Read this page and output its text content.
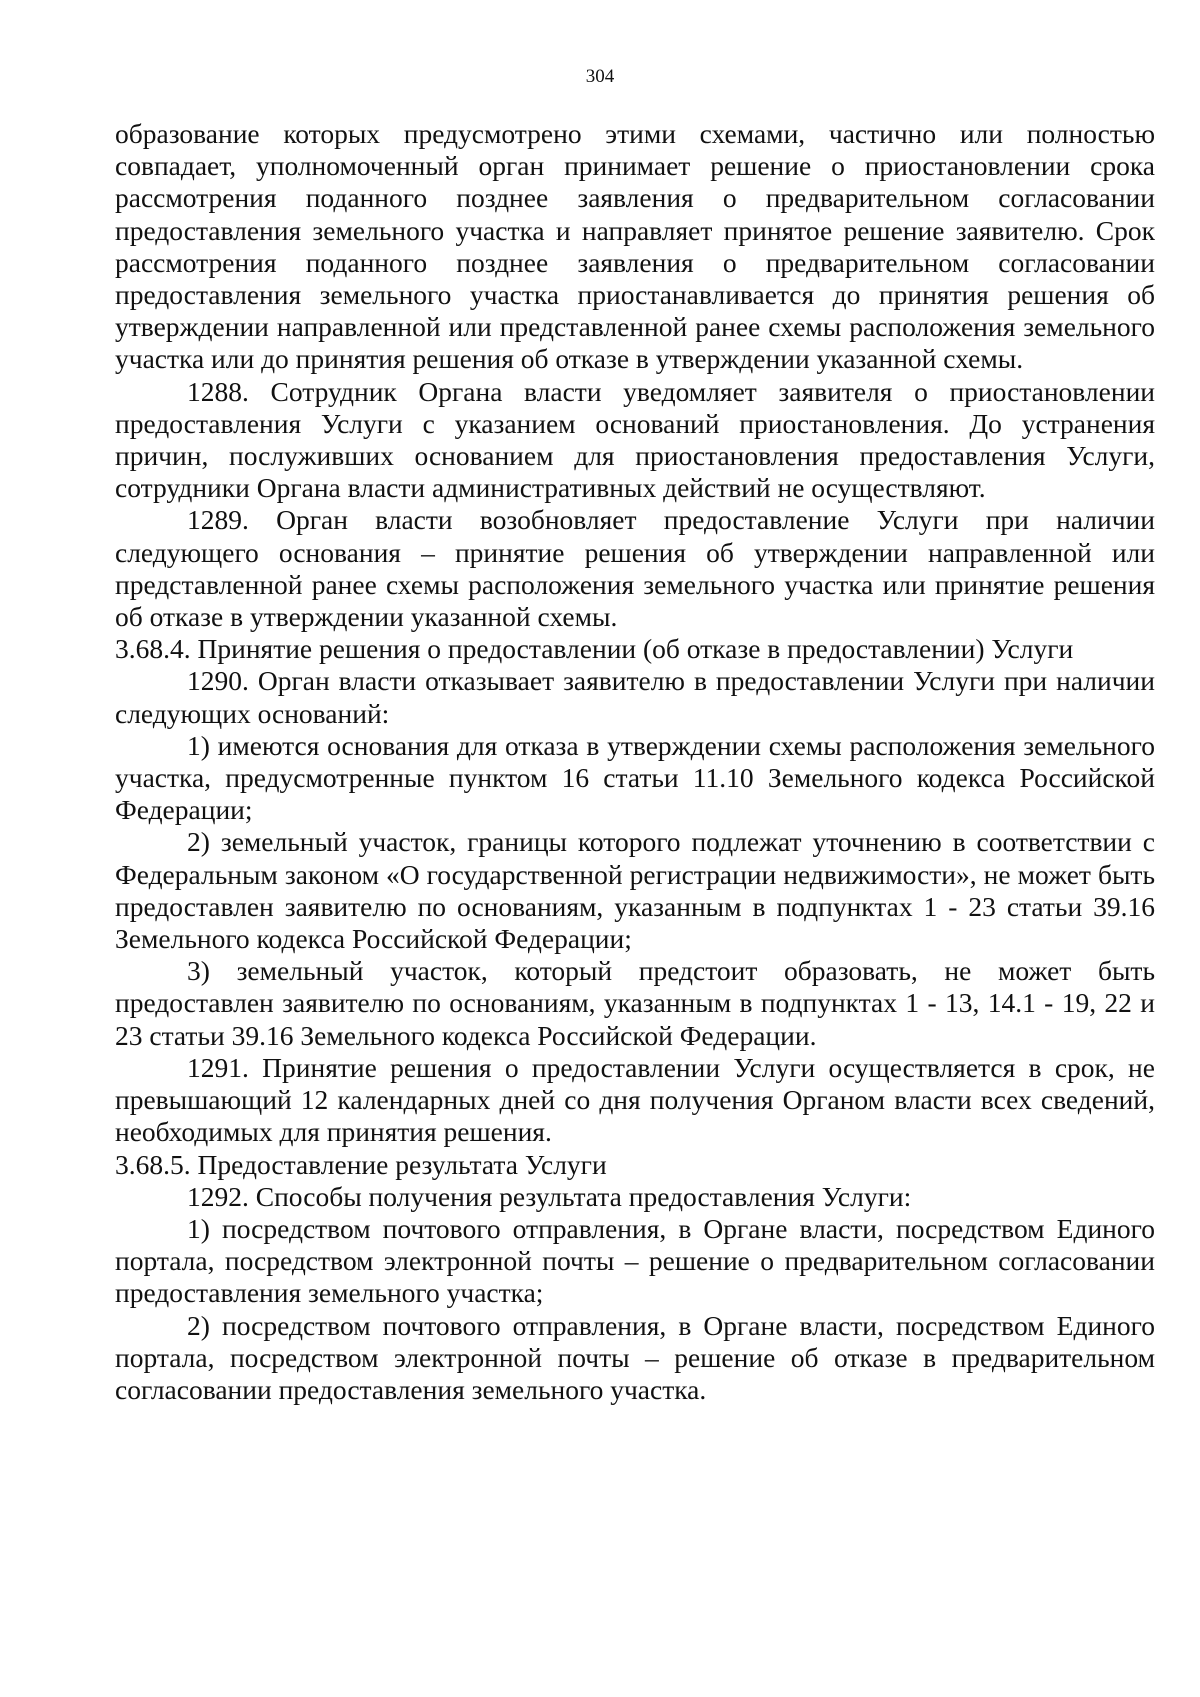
304

образование которых предусмотрено этими схемами, частично или полностью совпадает, уполномоченный орган принимает решение о приостановлении срока рассмотрения поданного позднее заявления о предварительном согласовании предоставления земельного участка и направляет принятое решение заявителю. Срок рассмотрения поданного позднее заявления о предварительном согласовании предоставления земельного участка приостанавливается до принятия решения об утверждении направленной или представленной ранее схемы расположения земельного участка или до принятия решения об отказе в утверждении указанной схемы.

1288. Сотрудник Органа власти уведомляет заявителя о приостановлении предоставления Услуги с указанием оснований приостановления. До устранения причин, послуживших основанием для приостановления предоставления Услуги, сотрудники Органа власти административных действий не осуществляют.

1289. Орган власти возобновляет предоставление Услуги при наличии следующего основания – принятие решения об утверждении направленной или представленной ранее схемы расположения земельного участка или принятие решения об отказе в утверждении указанной схемы.

3.68.4. Принятие решения о предоставлении (об отказе в предоставлении) Услуги

1290. Орган власти отказывает заявителю в предоставлении Услуги при наличии следующих оснований:

1) имеются основания для отказа в утверждении схемы расположения земельного участка, предусмотренные пунктом 16 статьи 11.10 Земельного кодекса Российской Федерации;

2) земельный участок, границы которого подлежат уточнению в соответствии с Федеральным законом «О государственной регистрации недвижимости», не может быть предоставлен заявителю по основаниям, указанным в подпунктах 1 - 23 статьи 39.16 Земельного кодекса Российской Федерации;

3) земельный участок, который предстоит образовать, не может быть предоставлен заявителю по основаниям, указанным в подпунктах 1 - 13, 14.1 - 19, 22 и 23 статьи 39.16 Земельного кодекса Российской Федерации.

1291. Принятие решения о предоставлении Услуги осуществляется в срок, не превышающий 12 календарных дней со дня получения Органом власти всех сведений, необходимых для принятия решения.

3.68.5. Предоставление результата Услуги

1292. Способы получения результата предоставления Услуги:

1) посредством почтового отправления, в Органе власти, посредством Единого портала, посредством электронной почты – решение о предварительном согласовании предоставления земельного участка;

2) посредством почтового отправления, в Органе власти, посредством Единого портала, посредством электронной почты – решение об отказе в предварительном согласовании предоставления земельного участка.
